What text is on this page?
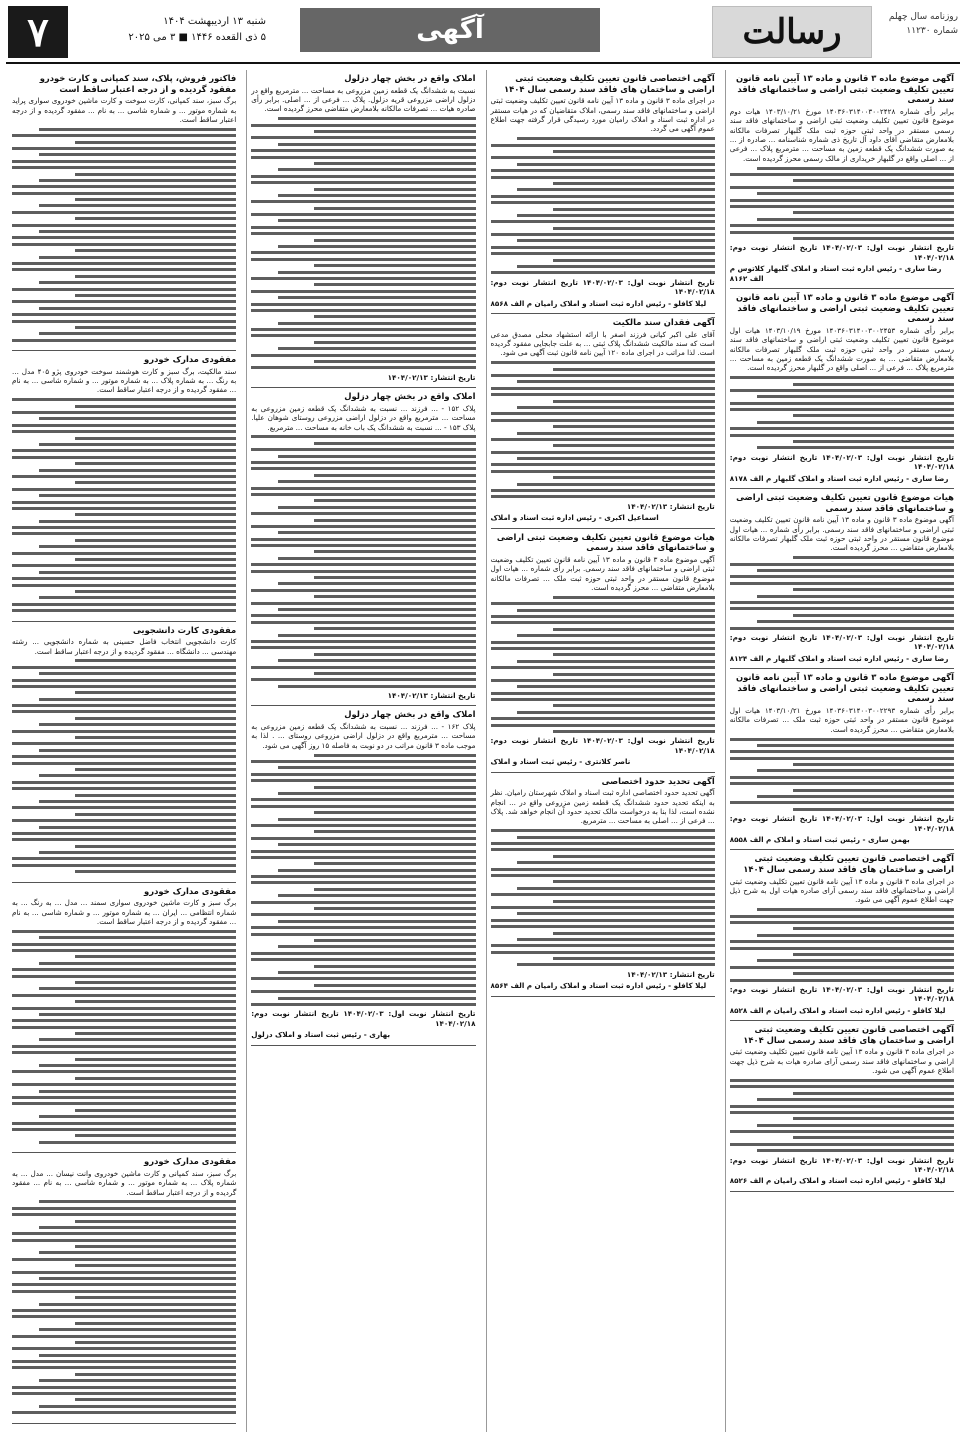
رسالت	روزنامه سال چهلم
شماره ۱۱۲۳۰
آگهی
۷	شنبه ۱۳ اردیبهشت ۱۴۰۴
۵ ذی القعده ۱۴۴۶ ■ ۳ می ۲۰۲۵
آگهی موضوع ماده ۳ قانون و ماده ۱۳ آیین نامه قانون تعیین تکلیف وضعیت ثبتی اراضی و ساختمانهای فاقد سند رسمی
برابر رأی شماره ۱۴۰۳۶۰۳۱۴۰۰۳۰۰۲۴۲۸ مورخ ۱۴۰۳/۱۰/۲۱ هیات دوم موضوع قانون تعیین تکلیف وضعیت ثبتی اراضی و ساختمانهای فاقد سند رسمی مستقر در واحد ثبتی حوزه ثبت ملک گلبهار تصرفات مالکانه بلامعارض متقاضی آقای داود آل تاریخ ذی شماره شناسنامه ... صادره از ... به صورت ششدانگ یک قطعه زمین به مساحت ... مترمربع پلاک ... فرعی از ... اصلی واقع در گلبهار خریداری از مالک رسمی محرز گردیده است.
تاریخ انتشار نوبت اول: ۱۴۰۴/۰۲/۰۳ تاریخ انتشار نوبت دوم: ۱۴۰۴/۰۲/۱۸
رضا ساری - رئیس اداره ثبت اسناد و املاک گلبهار کلاتوس م الف ۸۱۶۲
آگهی موضوع ماده ۳ قانون و ماده ۱۳ آیین نامه قانون تعیین تکلیف وضعیت ثبتی اراضی و ساختمانهای فاقد سند رسمی
برابر رأی شماره ۱۴۰۳۶۰۳۱۴۰۰۳۰۰۲۴۵۳ مورخ ۱۴۰۳/۱۰/۱۹ هیات اول موضوع قانون تعیین تکلیف وضعیت ثبتی اراضی و ساختمانهای فاقد سند رسمی مستقر در واحد ثبتی حوزه ثبت ملک گلبهار تصرفات مالکانه بلامعارض متقاضی ... به صورت ششدانگ یک قطعه زمین به مساحت ... مترمربع پلاک ... فرعی از ... اصلی واقع در گلبهار محرز گردیده است.
تاریخ انتشار نوبت اول: ۱۴۰۴/۰۲/۰۳ تاریخ انتشار نوبت دوم: ۱۴۰۴/۰۲/۱۸
رضا ساری - رئیس اداره ثبت اسناد و املاک گلبهار م الف ۸۱۷۸
هیات موضوع قانون تعیین تکلیف وضعیت ثبتی اراضی و ساختمانهای فاقد سند رسمی
آگهی موضوع ماده ۳ قانون و ماده ۱۳ آیین نامه قانون تعیین تکلیف وضعیت ثبتی اراضی و ساختمانهای فاقد سند رسمی. برابر رأی شماره ... هیات اول موضوع قانون مستقر در واحد ثبتی حوزه ثبت ملک گلبهار تصرفات مالکانه بلامعارض متقاضی ... محرز گردیده است.
تاریخ انتشار نوبت اول: ۱۴۰۴/۰۲/۰۳ تاریخ انتشار نوبت دوم: ۱۴۰۴/۰۲/۱۸
رضا ساری - رئیس اداره ثبت اسناد و املاک گلبهار م الف ۸۱۲۴
آگهی موضوع ماده ۳ قانون و ماده ۱۳ آیین نامه قانون تعیین تکلیف وضعیت ثبتی اراضی و ساختمانهای فاقد سند رسمی
برابر رأی شماره ۱۴۰۳۶۰۳۱۴۰۰۳۰۰۲۲۹۳ مورخ ۱۴۰۳/۱۰/۲۱ هیات اول موضوع قانون مستقر در واحد ثبتی حوزه ثبت ملک ... تصرفات مالکانه بلامعارض متقاضی ... محرز گردیده است.
تاریخ انتشار نوبت اول: ۱۴۰۴/۰۲/۰۳ تاریخ انتشار نوبت دوم: ۱۴۰۴/۰۲/۱۸
بهمن ساری - رئیس ثبت اسناد و املاک م الف ۸۵۵۸
آگهی اختصاصی قانون تعیین تکلیف وضعیت ثبتی اراضی و ساختمان های فاقد سند رسمی سال ۱۴۰۴
در اجرای ماده ۳ قانون و ماده ۱۳ آیین نامه قانون تعیین تکلیف وضعیت ثبتی اراضی و ساختمانهای فاقد سند رسمی آرای صادره هیات اول به شرح ذیل جهت اطلاع عموم آگهی می شود.
تاریخ انتشار نوبت اول: ۱۴۰۴/۰۲/۰۳ تاریخ انتشار نوبت دوم: ۱۴۰۴/۰۲/۱۸
لیلا کافلو - رئیس اداره ثبت اسناد و املاک رامیان م الف ۸۵۲۸
آگهی اختصاصی قانون تعیین تکلیف وضعیت ثبتی اراضی و ساختمان های فاقد سند رسمی سال ۱۴۰۴
در اجرای ماده ۳ قانون و ماده ۱۳ آیین نامه قانون تعیین تکلیف وضعیت ثبتی اراضی و ساختمانهای فاقد سند رسمی آرای صادره هیات به شرح ذیل جهت اطلاع عموم آگهی می شود.
تاریخ انتشار نوبت اول: ۱۴۰۴/۰۲/۰۳ تاریخ انتشار نوبت دوم: ۱۴۰۴/۰۲/۱۸
لیلا کافلو - رئیس اداره ثبت اسناد و املاک رامیان م الف ۸۵۲۶
آگهی اختصاصی قانون تعیین تکلیف وضعیت ثبتی اراضی و ساختمان های فاقد سند رسمی سال ۱۴۰۴
در اجرای ماده ۳ قانون و ماده ۱۳ آیین نامه قانون تعیین تکلیف وضعیت ثبتی اراضی و ساختمانهای فاقد سند رسمی، املاک متقاضیان که در هیات مستقر در اداره ثبت اسناد و املاک رامیان مورد رسیدگی قرار گرفته جهت اطلاع عموم آگهی می گردد.
تاریخ انتشار نوبت اول: ۱۴۰۴/۰۲/۰۳ تاریخ انتشار نوبت دوم: ۱۴۰۴/۰۲/۱۸
لیلا کافلو - رئیس اداره ثبت اسناد و املاک رامیان م الف ۸۵۶۸
آگهی فقدان سند مالکیت
آقای علی اکبر کیانی فرزند اصغر با ارائه استشهاد محلی مصدق مدعی است که سند مالکیت ششدانگ پلاک ثبتی ... به علت جابجایی مفقود گردیده است. لذا مراتب در اجرای ماده ۱۲۰ آیین نامه قانون ثبت آگهی می شود.
تاریخ انتشار: ۱۴۰۴/۰۲/۱۳
اسماعیل اکبری - رئیس اداره ثبت اسناد و املاک
هیات موضوع قانون تعیین تکلیف وضعیت ثبتی اراضی و ساختمانهای فاقد سند رسمی
آگهی موضوع ماده ۳ قانون و ماده ۱۳ آیین نامه قانون تعیین تکلیف وضعیت ثبتی اراضی و ساختمانهای فاقد سند رسمی. برابر رأی شماره ... هیات اول موضوع قانون مستقر در واحد ثبتی حوزه ثبت ملک ... تصرفات مالکانه بلامعارض متقاضی ... محرز گردیده است.
تاریخ انتشار نوبت اول: ۱۴۰۴/۰۲/۰۳ تاریخ انتشار نوبت دوم: ۱۴۰۴/۰۲/۱۸
ناصر کلانتری - رئیس ثبت اسناد و املاک
آگهی تحدید حدود اختصاصی
آگهی تحدید حدود اختصاصی اداره ثبت اسناد و املاک شهرستان رامیان. نظر به اینکه تحدید حدود ششدانگ یک قطعه زمین مزروعی واقع در ... انجام نشده است، لذا بنا به درخواست مالک تحدید حدود آن انجام خواهد شد. پلاک ... فرعی از ... اصلی به مساحت ... مترمربع.
تاریخ انتشار: ۱۴۰۴/۰۲/۱۳
لیلا کافلو - رئیس اداره ثبت اسناد و املاک رامیان م الف ۸۵۶۴
املاک واقع در بخش چهار دزلول
نسبت به ششدانگ یک قطعه زمین مزروعی به مساحت ... مترمربع واقع در دزلول اراضی مزروعی قریه دزلول. پلاک ... فرعی از ... اصلی. برابر رأی صادره هیات ... تصرفات مالکانه بلامعارض متقاضی محرز گردیده است.
تاریخ انتشار: ۱۴۰۴/۰۲/۱۳
املاک واقع در بخش چهار دزلول
پلاک ۱۵۲ - ... فرزند ... نسبت به ششدانگ یک قطعه زمین مزروعی به مساحت ... مترمربع واقع در دزلول اراضی مزروعی روستای شوهان علیا. پلاک ۱۵۳ - ... نسبت به ششدانگ یک باب خانه به مساحت ... مترمربع.
تاریخ انتشار: ۱۴۰۴/۰۲/۱۳
املاک واقع در بخش چهار دزلول
پلاک ۱۶۲ - ... فرزند ... نسبت به ششدانگ یک قطعه زمین مزروعی به مساحت ... مترمربع واقع در دزلول اراضی مزروعی روستای ... . لذا به موجب ماده ۳ قانون مراتب در دو نوبت به فاصله ۱۵ روز آگهی می شود.
تاریخ انتشار نوبت اول: ۱۴۰۴/۰۲/۰۳ تاریخ انتشار نوبت دوم: ۱۴۰۴/۰۲/۱۸
بهاری - رئیس ثبت اسناد و املاک دزلول
فاکتور فروش، پلاک، سند کمپانی و کارت خودرو مفقود گردیده و از درجه اعتبار ساقط است
برگ سبز، سند کمپانی، کارت سوخت و کارت ماشین خودروی سواری پراید به شماره موتور ... و شماره شاسی ... به نام ... مفقود گردیده و از درجه اعتبار ساقط است.
مفقودی مدارک خودرو
سند مالکیت، برگ سبز و کارت هوشمند سوخت خودروی پژو ۴۰۵ مدل ... به رنگ ... به شماره پلاک ... به شماره موتور ... و شماره شاسی ... به نام ... مفقود گردیده و از درجه اعتبار ساقط است.
مفقودی کارت دانشجویی
کارت دانشجویی انتخاب فاضل حسینی به شماره دانشجویی ... رشته مهندسی ... دانشگاه ... مفقود گردیده و از درجه اعتبار ساقط است.
مفقودی مدارک خودرو
برگ سبز و کارت ماشین خودروی سواری سمند ... مدل ... به رنگ ... به شماره انتظامی ... ایران ... به شماره موتور ... و شماره شاسی ... به نام ... مفقود گردیده و از درجه اعتبار ساقط است.
مفقودی مدارک خودرو
برگ سبز، سند کمپانی و کارت ماشین خودروی وانت نیسان ... مدل ... به شماره پلاک ... به شماره موتور ... و شماره شاسی ... به نام ... مفقود گردیده و از درجه اعتبار ساقط است.
